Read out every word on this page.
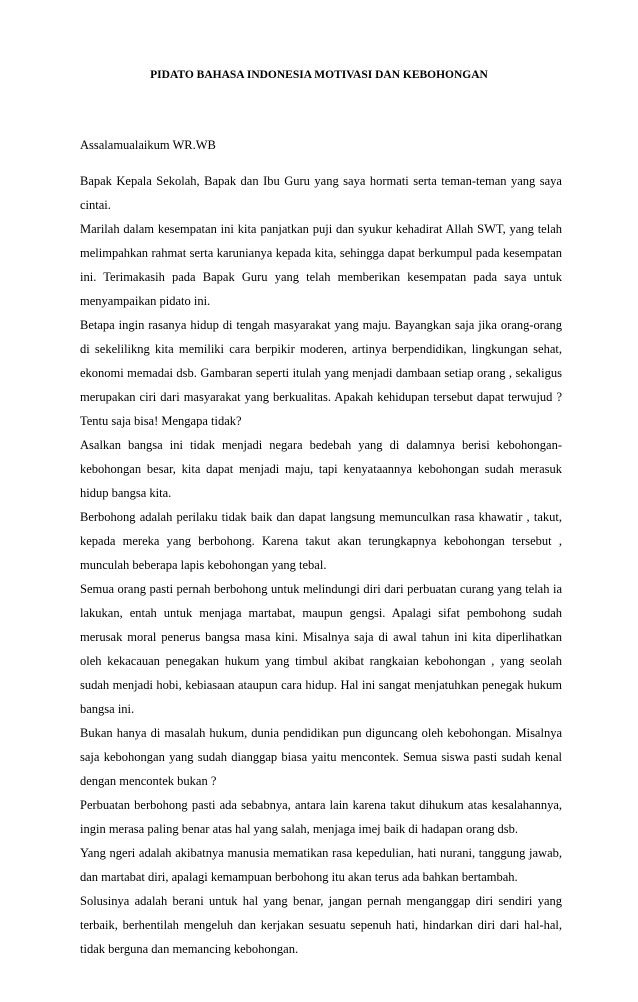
PIDATO BAHASA INDONESIA MOTIVASI DAN KEBOHONGAN
Assalamualaikum WR.WB

Bapak Kepala Sekolah, Bapak dan Ibu Guru yang saya hormati serta teman-teman yang saya cintai.

Marilah dalam kesempatan ini kita panjatkan puji dan syukur kehadirat Allah SWT, yang telah melimpahkan rahmat serta karunianya kepada kita, sehingga dapat berkumpul pada kesempatan ini. Terimakasih pada Bapak Guru yang telah memberikan kesempatan pada saya untuk menyampaikan pidato ini.

Betapa ingin rasanya hidup di tengah masyarakat yang maju. Bayangkan saja jika orang-orang di sekelilikng kita memiliki cara berpikir moderen, artinya berpendidikan, lingkungan sehat, ekonomi memadai dsb. Gambaran seperti itulah yang menjadi dambaan setiap orang , sekaligus merupakan ciri dari masyarakat yang berkualitas. Apakah kehidupan tersebut dapat terwujud ? Tentu saja bisa! Mengapa tidak?

Asalkan bangsa ini tidak menjadi negara bedebah yang di dalamnya berisi kebohongan-kebohongan besar, kita dapat menjadi maju, tapi kenyataannya kebohongan sudah merasuk hidup bangsa kita.

Berbohong adalah perilaku tidak baik dan dapat langsung memunculkan rasa khawatir , takut, kepada mereka yang berbohong. Karena takut akan terungkapnya kebohongan tersebut , munculah beberapa lapis kebohongan yang tebal.

Semua orang pasti pernah berbohong untuk melindungi diri dari perbuatan curang yang telah ia lakukan, entah untuk menjaga martabat, maupun gengsi. Apalagi sifat pembohong sudah merusak moral penerus bangsa masa kini. Misalnya saja di awal tahun ini kita diperlihatkan oleh kekacauan penegakan hukum yang timbul akibat rangkaian kebohongan , yang seolah sudah menjadi hobi, kebiasaan ataupun cara hidup. Hal ini sangat menjatuhkan penegak hukum bangsa ini.

Bukan hanya di masalah hukum, dunia pendidikan pun diguncang oleh kebohongan. Misalnya saja kebohongan yang sudah dianggap biasa yaitu mencontek. Semua siswa pasti sudah kenal dengan mencontek bukan ?

Perbuatan berbohong pasti ada sebabnya, antara lain karena takut dihukum atas kesalahannya, ingin merasa paling benar atas hal yang salah, menjaga imej baik di hadapan orang dsb.

Yang ngeri adalah akibatnya manusia mematikan rasa kepedulian, hati nurani, tanggung jawab, dan martabat diri, apalagi kemampuan berbohong itu akan terus ada bahkan bertambah.

Solusinya adalah berani untuk hal yang benar, jangan pernah menganggap diri sendiri yang terbaik, berhentilah mengeluh dan kerjakan sesuatu sepenuh hati, hindarkan diri dari hal-hal, tidak berguna dan memancing kebohongan.
